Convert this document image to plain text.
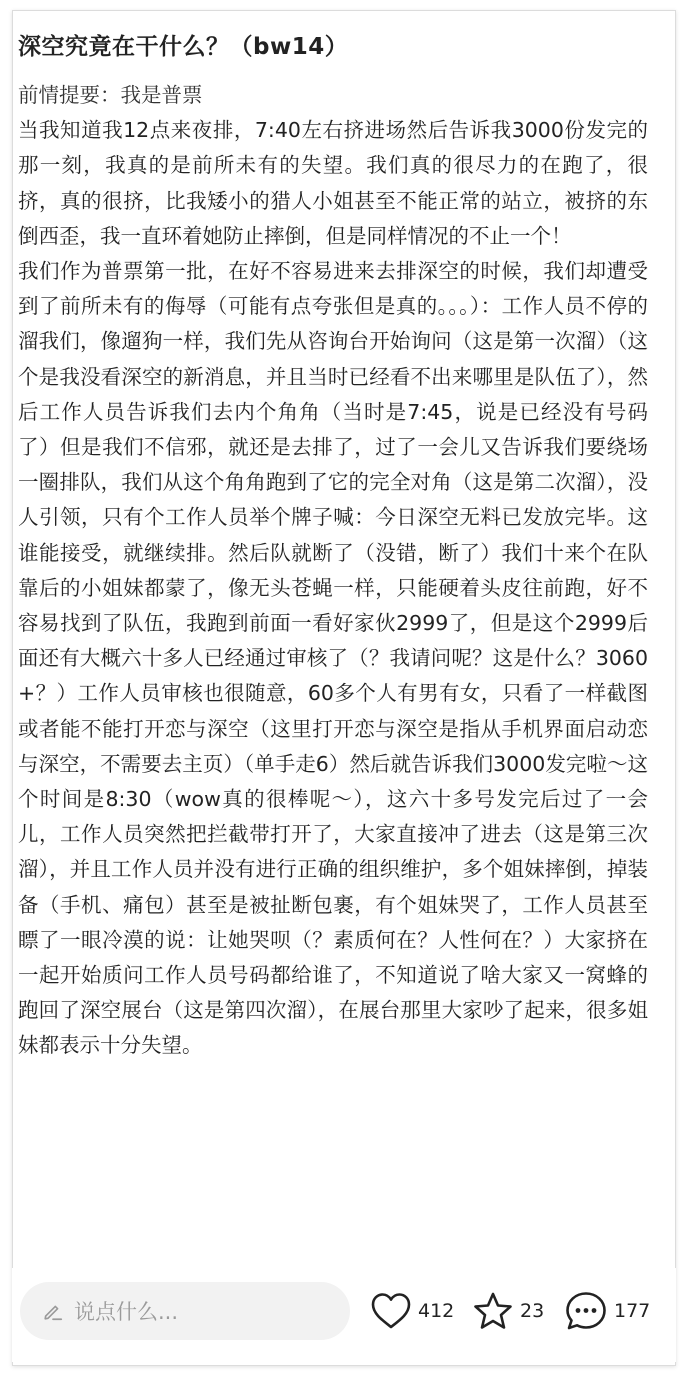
深空究竟在干什么？（bw14）

前情提要：我是普票

当我知道我12点来夜排，7:40左右挤进场然后告诉我3000份发完的那一刻，我真的是前所未有的失望。我们真的很尽力的在跑了，很挤，真的很挤，比我矮小的猎人小姐甚至不能正常的站立，被挤的东倒西歪，我一直环着她防止摔倒，但是同样情况的不止一个！

我们作为普票第一批，在好不容易进来去排深空的时候，我们却遭受到了前所未有的侮辱（可能有点夸张但是真的。。。）：工作人员不停的溜我们，像遛狗一样，我们先从咨询台开始询问（这是第一次溜）（这个是我没看深空的新消息，并且当时已经看不出来哪里是队伍了），然后工作人员告诉我们去内个角角（当时是7:45，说是已经没有号码了）但是我们不信邪，就还是去排了，过了一会儿又告诉我们要绕场一圈排队，我们从这个角角跑到了它的完全对角（这是第二次溜），没人引领，只有个工作人员举个牌子喊：今日深空无料已发放完毕。这谁能接受，就继续排。然后队就断了（没错，断了）我们十来个在队靠后的小姐妹都蒙了，像无头苍蝇一样，只能硬着头皮往前跑，好不容易找到了队伍，我跑到前面一看好家伙2999了，但是这个2999后面还有大概六十多人已经通过审核了（？我请问呢？这是什么？3060+？）工作人员审核也很随意，60多个人有男有女，只看了一样截图或者能不能打开恋与深空（这里打开恋与深空是指从手机界面启动恋与深空，不需要去主页）（单手走6）然后就告诉我们3000发完啦～这个时间是8:30（wow真的很棒呢～），这六十多号发完后过了一会儿，工作人员突然把拦截带打开了，大家直接冲了进去（这是第三次溜），并且工作人员并没有进行正确的组织维护，多个姐妹摔倒，掉装备（手机、痛包）甚至是被扯断包裹，有个姐妹哭了，工作人员甚至瞟了一眼冷漠的说：让她哭呗（？素质何在？人性何在？）大家挤在一起开始质问工作人员号码都给谁了，不知道说了啥大家又一窝蜂的跑回了深空展台（这是第四次溜），在展台那里大家吵了起来，很多姐妹都表示十分失望。

说点什么...	412	23	177
